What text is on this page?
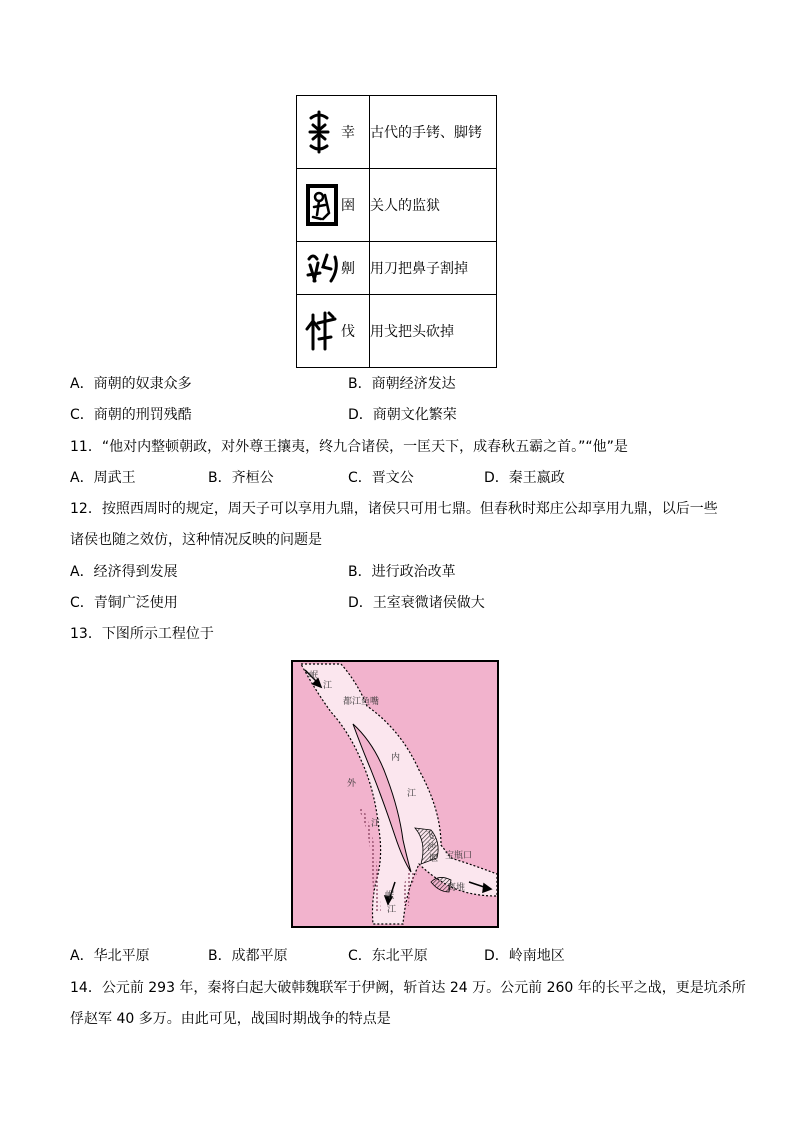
幸	古代的手铐、脚铐

圉	关人的监狱

劓	用刀把鼻子割掉

伐	用戈把头砍掉
A．商朝的奴隶众多	B．商朝经济发达
C．商朝的刑罚残酷	D．商朝文化繁荣
11．“他对内整顿朝政，对外尊王攘夷，终九合诸侯，一匡天下，成春秋五霸之首。”“他”是
A．周武王	B．齐桓公	C．晋文公	D．秦王嬴政
12．按照西周时的规定，周天子可以享用九鼎，诸侯只可用七鼎。但春秋时郑庄公却享用九鼎，以后一些
诸侯也随之效仿，这种情况反映的问题是
A．经济得到发展	B．进行政治改革
C．青铜广泛使用	D．王室衰微诸侯做大
13．下图所示工程位于
岷
江
都江鱼嘴
内
江
外
江
飞
沙
堰 宝瓶口
离堆
岷
江
A．华北平原	B．成都平原	C．东北平原	D．岭南地区
14．公元前 293 年，秦将白起大破韩魏联军于伊阙，斩首达 24 万。公元前 260 年的长平之战，更是坑杀所
俘赵军 40 多万。由此可见，战国时期战争的特点是
